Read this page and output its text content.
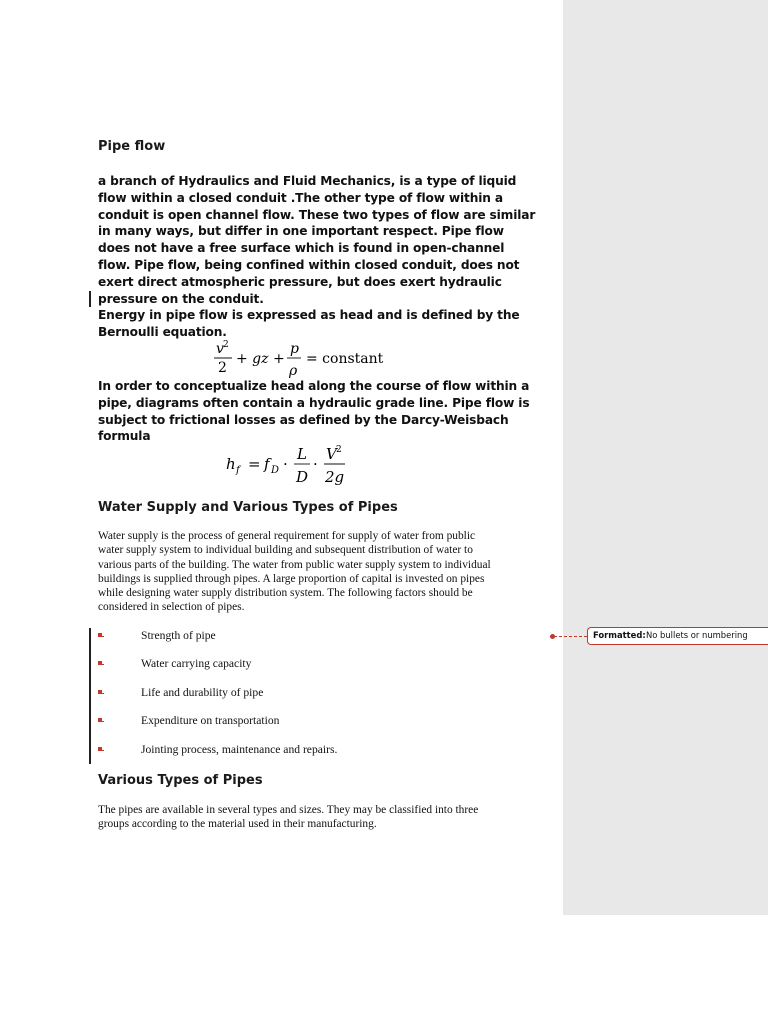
Pipe flow
a branch of Hydraulics and Fluid Mechanics, is a type of liquid
flow within a closed conduit .The other type of flow within a
conduit is open channel flow. These two types of flow are similar
in many ways, but differ in one important respect. Pipe flow
does not have a free surface which is found in open-channel
flow. Pipe flow, being confined within closed conduit, does not
exert direct atmospheric pressure, but does exert hydraulic
pressure on the conduit.
Energy in pipe flow is expressed as head and is defined by the
Bernoulli equation.
v 2
2
+ gz +
p
ρ
= constant
In order to conceptualize head along the course of flow within a
pipe, diagrams often contain a hydraulic grade line. Pipe flow is
subject to frictional losses as defined by the Darcy-Weisbach
formula
h f = f D ·
L
D
·
V 2
2g
Water Supply and Various Types of Pipes
Water supply is the process of general requirement for supply of water from public
water supply system to individual building and subsequent distribution of water to
various parts of the building. The water from public water supply system to individual
buildings is supplied through pipes. A large proportion of capital is invested on pipes
while designing water supply distribution system. The following factors should be
considered in selection of pipes.
Strength of pipe
Water carrying capacity
Life and durability of pipe
Expenditure on transportation
Jointing process, maintenance and repairs.
Various Types of Pipes
The pipes are available in several types and sizes. They may be classified into three
groups according to the material used in their manufacturing.
Formatted: No bullets or numbering
